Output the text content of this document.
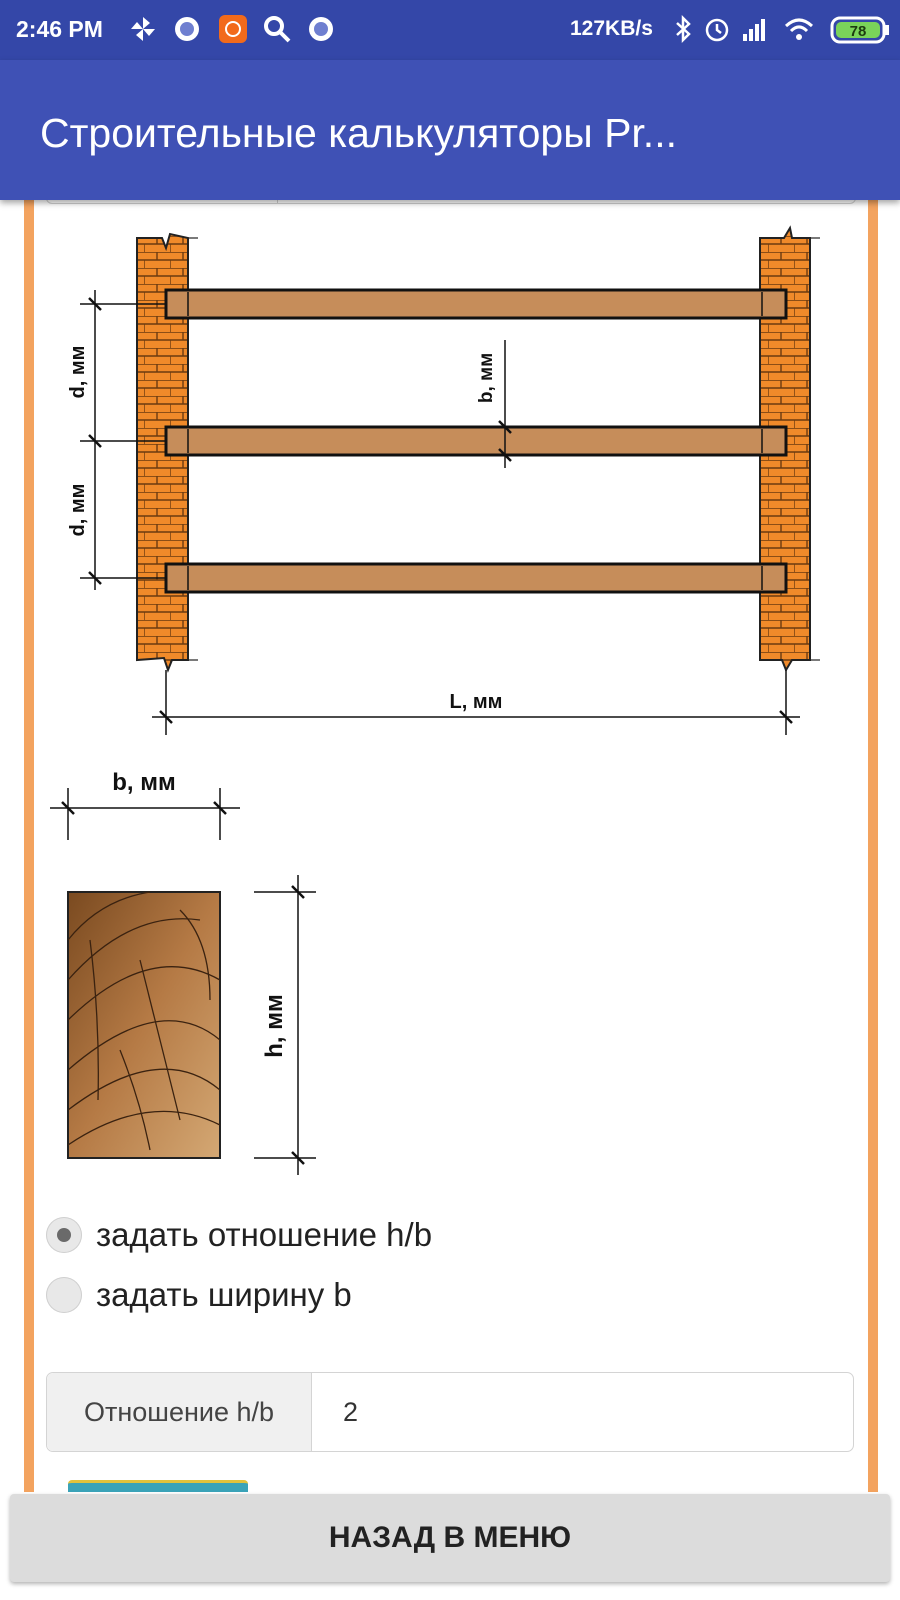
2:46 PM	127KB/s	78
Строительные калькуляторы Pr...
d, мм
d, мм
b, мм
L, мм
b, мм
h, мм
задать отношение h/b
задать ширину b
Отношение h/b	2
НАЗАД В МЕНЮ
